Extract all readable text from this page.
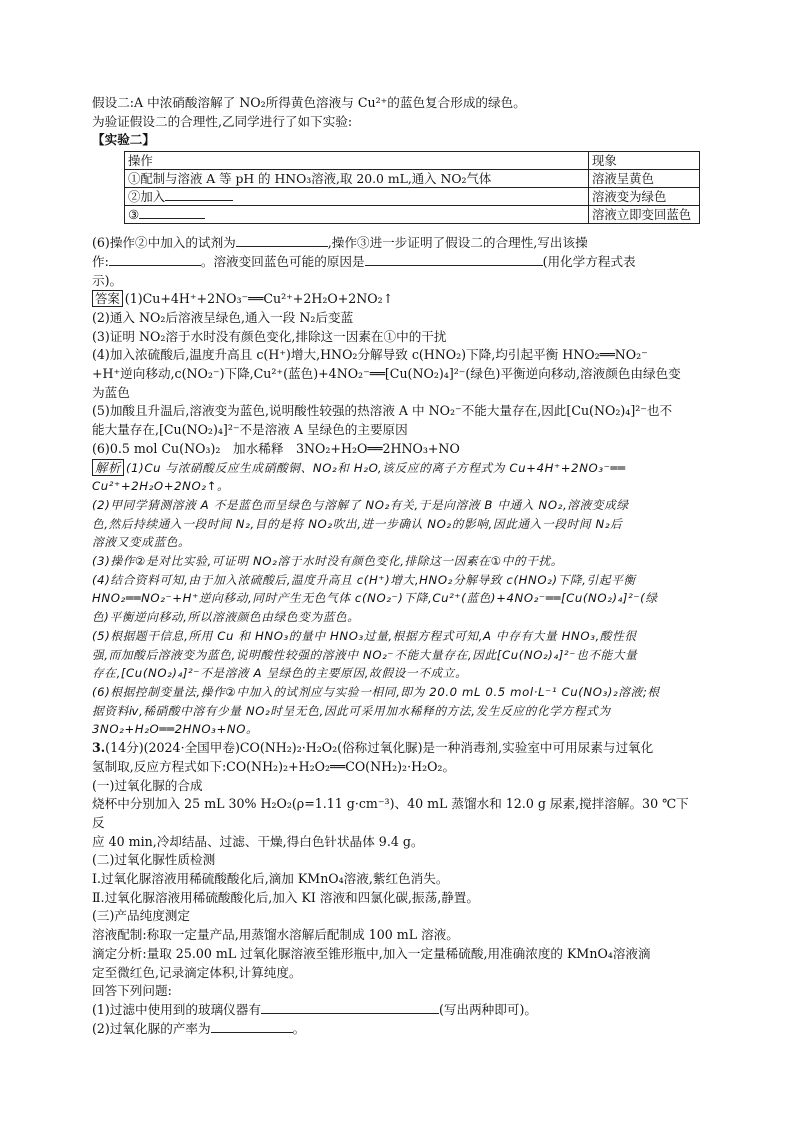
假设二:A 中浓硝酸溶解了 NO₂所得黄色溶液与 Cu²⁺的蓝色复合形成的绿色。

为验证假设二的合理性,乙同学进行了如下实验:

【实验二】

操作	现象
①配制与溶液 A 等 pH 的 HNO₃溶液,取 20.0 mL,通入 NO₂气体	溶液呈黄色
②加入	溶液变为绿色
③	溶液立即变回蓝色

(6)操作②中加入的试剂为	,操作③进一步证明了假设二的合理性,写出该操

作:	。溶液变回蓝色可能的原因是	(用化学方程式表

示)。

答案 (1)Cu+4H⁺+2NO₃⁻══Cu²⁺+2H₂O+2NO₂↑

(2)通入 NO₂后溶液呈绿色,通入一段 N₂后变蓝

(3)证明 NO₂溶于水时没有颜色变化,排除这一因素在①中的干扰

(4)加入浓硫酸后,温度升高且 c(H⁺)增大,HNO₂分解导致 c(HNO₂)下降,均引起平衡 HNO₂══NO₂⁻

+H⁺逆向移动,c(NO₂⁻)下降,Cu²⁺(蓝色)+4NO₂⁻══[Cu(NO₂)₄]²⁻(绿色)平衡逆向移动,溶液颜色由绿色变

为蓝色

(5)加酸且升温后,溶液变为蓝色,说明酸性较强的热溶液 A 中 NO₂⁻不能大量存在,因此[Cu(NO₂)₄]²⁻也不

能大量存在,[Cu(NO₂)₄]²⁻不是溶液 A 呈绿色的主要原因

(6)0.5 mol Cu(NO₃)₂　加水稀释　3NO₂+H₂O══2HNO₃+NO

解析 (1)Cu 与浓硝酸反应生成硝酸铜、NO₂和 H₂O,该反应的离子方程式为 Cu+4H⁺+2NO₃⁻══

Cu²⁺+2H₂O+2NO₂↑。

(2)甲同学猜测溶液 A 不是蓝色而呈绿色与溶解了 NO₂有关,于是向溶液 B 中通入 NO₂,溶液变成绿

色,然后持续通入一段时间 N₂,目的是将 NO₂吹出,进一步确认 NO₂的影响,因此通入一段时间 N₂后

溶液又变成蓝色。

(3)操作②是对比实验,可证明 NO₂溶于水时没有颜色变化,排除这一因素在①中的干扰。

(4)结合资料可知,由于加入浓硫酸后,温度升高且 c(H⁺)增大,HNO₂分解导致 c(HNO₂)下降,引起平衡

HNO₂══NO₂⁻+H⁺逆向移动,同时产生无色气体 c(NO₂⁻)下降,Cu²⁺(蓝色)+4NO₂⁻══[Cu(NO₂)₄]²⁻(绿

色)平衡逆向移动,所以溶液颜色由绿色变为蓝色。

(5)根据题干信息,所用 Cu 和 HNO₃的量中 HNO₃过量,根据方程式可知,A 中存有大量 HNO₃,酸性很

强,而加酸后溶液变为蓝色,说明酸性较强的溶液中 NO₂⁻不能大量存在,因此[Cu(NO₂)₄]²⁻也不能大量

存在,[Cu(NO₂)₄]²⁻不是溶液 A 呈绿色的主要原因,故假设一不成立。

(6)根据控制变量法,操作②中加入的试剂应与实验一相同,即为 20.0 mL 0.5 mol·L⁻¹ Cu(NO₃)₂溶液;根

据资料ⅳ,稀硝酸中溶有少量 NO₂时呈无色,因此可采用加水稀释的方法,发生反应的化学方程式为

3NO₂+H₂O══2HNO₃+NO。

3.(14分)(2024·全国甲卷)CO(NH₂)₂·H₂O₂(俗称过氧化脲)是一种消毒剂,实验室中可用尿素与过氧化

氢制取,反应方程式如下:CO(NH₂)₂+H₂O₂══CO(NH₂)₂·H₂O₂。

(一)过氧化脲的合成

烧杯中分别加入 25 mL 30% H₂O₂(ρ=1.11 g·cm⁻³)、40 mL 蒸馏水和 12.0 g 尿素,搅拌溶解。30 ℃下反

应 40 min,冷却结晶、过滤、干燥,得白色针状晶体 9.4 g。

(二)过氧化脲性质检测

Ⅰ.过氧化脲溶液用稀硫酸酸化后,滴加 KMnO₄溶液,紫红色消失。

Ⅱ.过氧化脲溶液用稀硫酸酸化后,加入 KI 溶液和四氯化碳,振荡,静置。

(三)产品纯度测定

溶液配制:称取一定量产品,用蒸馏水溶解后配制成 100 mL 溶液。

滴定分析:量取 25.00 mL 过氧化脲溶液至锥形瓶中,加入一定量稀硫酸,用准确浓度的 KMnO₄溶液滴

定至微红色,记录滴定体积,计算纯度。

回答下列问题:

(1)过滤中使用到的玻璃仪器有	(写出两种即可)。

(2)过氧化脲的产率为	。
